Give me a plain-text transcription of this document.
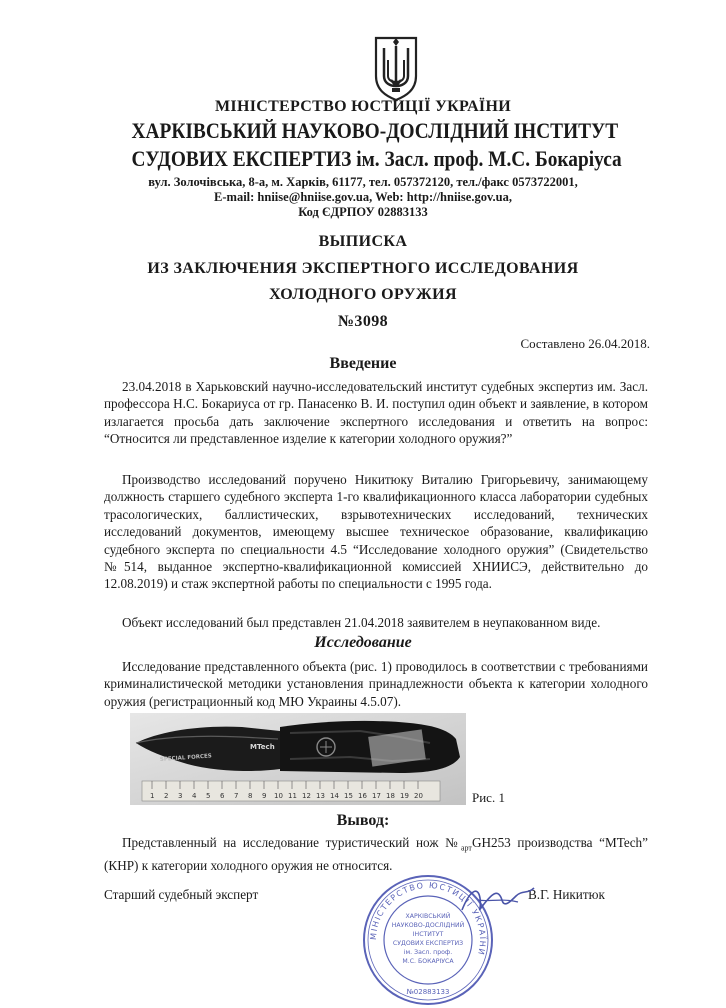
МІНІСТЕРСТВО ЮСТИЦІЇ УКРАЇНИ
ХАРКІВСЬКИЙ НАУКОВО-ДОСЛІДНИЙ ІНСТИТУТ
СУДОВИХ ЕКСПЕРТИЗ ім. Засл. проф. М.С. Бокаріуса
вул. Золочівська, 8-а, м. Харків, 61177, тел. 057372120, тел./факс 0573722001,
E-mail: hniise@hniise.gov.ua, Web: http://hniise.gov.ua,
Код ЄДРПОУ 02883133
ВЫПИСКА
ИЗ ЗАКЛЮЧЕНИЯ ЭКСПЕРТНОГО ИССЛЕДОВАНИЯ
ХОЛОДНОГО ОРУЖИЯ
№3098
Составлено 26.04.2018.
Введение

23.04.2018 в Харьковский научно-исследовательский институт судебных экспертиз им. Засл. профессора Н.С. Бокариуса от гр. Панасенко В. И. поступил один объект и заявление, в котором излагается просьба дать заключение экспертного исследования и ответить на вопрос: “Относится ли представленное изделие к категории холодного оружия?”

Производство исследований поручено Никитюку Виталию Григорьевичу, занимающему должность старшего судебного эксперта 1-го квалификационного класса лаборатории судебных трасологических, баллистических, взрывотехнических исследований, технических исследований документов, имеющему высшее техническое образование, квалификацию судебного эксперта по специальности 4.5 “Исследование холодного оружия” (Свидетельство №514, выданное экспертно-квалификационной комиссией ХНИИСЭ, действительно до 12.08.2019) и стаж экспертной работы по специальности с 1995 года.

Объект исследований был представлен 21.04.2018 заявителем в неупакованном виде.

Исследование

Исследование представленного объекта (рис. 1) проводилось в соответствии с требованиями криминалистической методики установления принадлежности объекта к категории холодного оружия (регистрационный код МЮ Украины 4.5.07).

1 2 3 4 5 6 7 8 9 10 11 12 13 14 15 16 17 18 19 20
SPECIAL FORCES
MTech
Рис. 1
Вывод:

Представленный на исследование туристический нож $№_{арт}GH253$ производства “MTech” (КНР) к категории холодного оружия не относится.

Старший судебный эксперт	В.Г. Никитюк
МІНІСТЕРСТВО ЮСТИЦІЇ УКРАЇНИ
ХАРКІВСЬКИЙ
НАУКОВО-ДОСЛІДНИЙ
ІНСТИТУТ
СУДОВИХ ЕКСПЕРТИЗ
ім. Засл. проф.
М.С. БОКАРІУСА
№02883133
